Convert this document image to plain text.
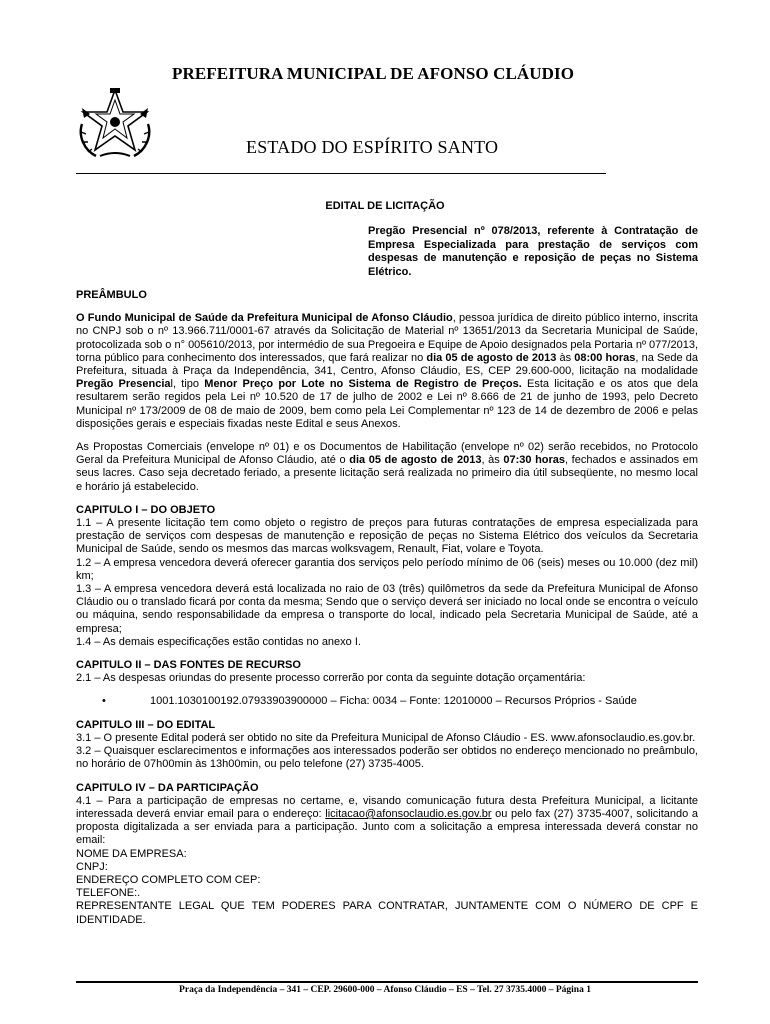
PREFEITURA MUNICIPAL DE AFONSO CLÁUDIO
ESTADO DO ESPÍRITO SANTO
EDITAL DE LICITAÇÃO
Pregão Presencial nº 078/2013, referente à Contratação de Empresa Especializada para prestação de serviços com despesas de manutenção e reposição de peças no Sistema Elétrico.

PREÂMBULO

O Fundo Municipal de Saúde da Prefeitura Municipal de Afonso Cláudio, pessoa jurídica de direito público interno, inscrita no CNPJ sob o nº 13.966.711/0001-67 através da Solicitação de Material nº 13651/2013 da Secretaria Municipal de Saúde, protocolizada sob o n° 005610/2013, por intermédio de sua Pregoeira e Equipe de Apoio designados pela Portaria nº 077/2013, torna público para conhecimento dos interessados, que fará realizar no dia 05 de agosto de 2013 às 08:00 horas, na Sede da Prefeitura, situada à Praça da Independência, 341, Centro, Afonso Cláudio, ES, CEP 29.600-000, licitação na modalidade Pregão Presencial, tipo Menor Preço por Lote no Sistema de Registro de Preços. Esta licitação e os atos que dela resultarem serão regidos pela Lei nº 10.520 de 17 de julho de 2002 e Lei nº 8.666 de 21 de junho de 1993, pelo Decreto Municipal nº 173/2009 de 08 de maio de 2009, bem como pela Lei Complementar nº 123 de 14 de dezembro de 2006 e pelas disposições gerais e especiais fixadas neste Edital e seus Anexos.

As Propostas Comerciais (envelope nº 01) e os Documentos de Habilitação (envelope nº 02) serão recebidos, no Protocolo Geral da Prefeitura Municipal de Afonso Cláudio, até o dia 05 de agosto de 2013, às 07:30 horas, fechados e assinados em seus lacres. Caso seja decretado feriado, a presente licitação será realizada no primeiro dia útil subseqüente, no mesmo local e horário já estabelecido.

CAPITULO I – DO OBJETO

1.1 – A presente licitação tem como objeto o registro de preços para futuras contratações de empresa especializada para prestação de serviços com despesas de manutenção e reposição de peças no Sistema Elétrico dos veículos da Secretaria Municipal de Saúde, sendo os mesmos das marcas wolksvagem, Renault, Fiat, volare e Toyota.

1.2 – A empresa vencedora deverá oferecer garantia dos serviços pelo período mínimo de 06 (seis) meses ou 10.000 (dez mil) km;

1.3 – A empresa vencedora deverá está localizada no raio de 03 (três) quilômetros da sede da Prefeitura Municipal de Afonso Cláudio ou o translado ficará por conta da mesma; Sendo que o serviço deverá ser iniciado no local onde se encontra o veículo ou máquina, sendo responsabilidade da empresa o transporte do local, indicado pela Secretaria Municipal de Saúde, até a empresa;

1.4 – As demais especificações estão contidas no anexo I.

CAPITULO II – DAS FONTES DE RECURSO

2.1 – As despesas oriundas do presente processo correrão por conta da seguinte dotação orçamentária:

•	1001.1030100192.07933903900000 – Ficha: 0034 – Fonte: 12010000 – Recursos Próprios - Saúde

CAPITULO III – DO EDITAL

3.1 – O presente Edital poderá ser obtido no site da Prefeitura Municipal de Afonso Cláudio - ES. www.afonsoclaudio.es.gov.br.

3.2 – Quaisquer esclarecimentos e informações aos interessados poderão ser obtidos no endereço mencionado no preâmbulo, no horário de 07h00min às 13h00min, ou pelo telefone (27) 3735-4005.

CAPITULO IV – DA PARTICIPAÇÃO

4.1 – Para a participação de empresas no certame, e, visando comunicação futura desta Prefeitura Municipal, a licitante interessada deverá enviar email para o endereço: licitacao@afonsoclaudio.es.gov.br ou pelo fax (27) 3735-4007, solicitando a proposta digitalizada a ser enviada para a participação. Junto com a solicitação a empresa interessada deverá constar no email:

NOME DA EMPRESA:

CNPJ:

ENDEREÇO COMPLETO COM CEP:

TELEFONE:.

REPRESENTANTE LEGAL QUE TEM PODERES PARA CONTRATAR, JUNTAMENTE COM O NÚMERO DE CPF E IDENTIDADE.

Praça da Independência – 341 – CEP. 29600-000 – Afonso Cláudio – ES – Tel. 27 3735.4000 – Página 1
